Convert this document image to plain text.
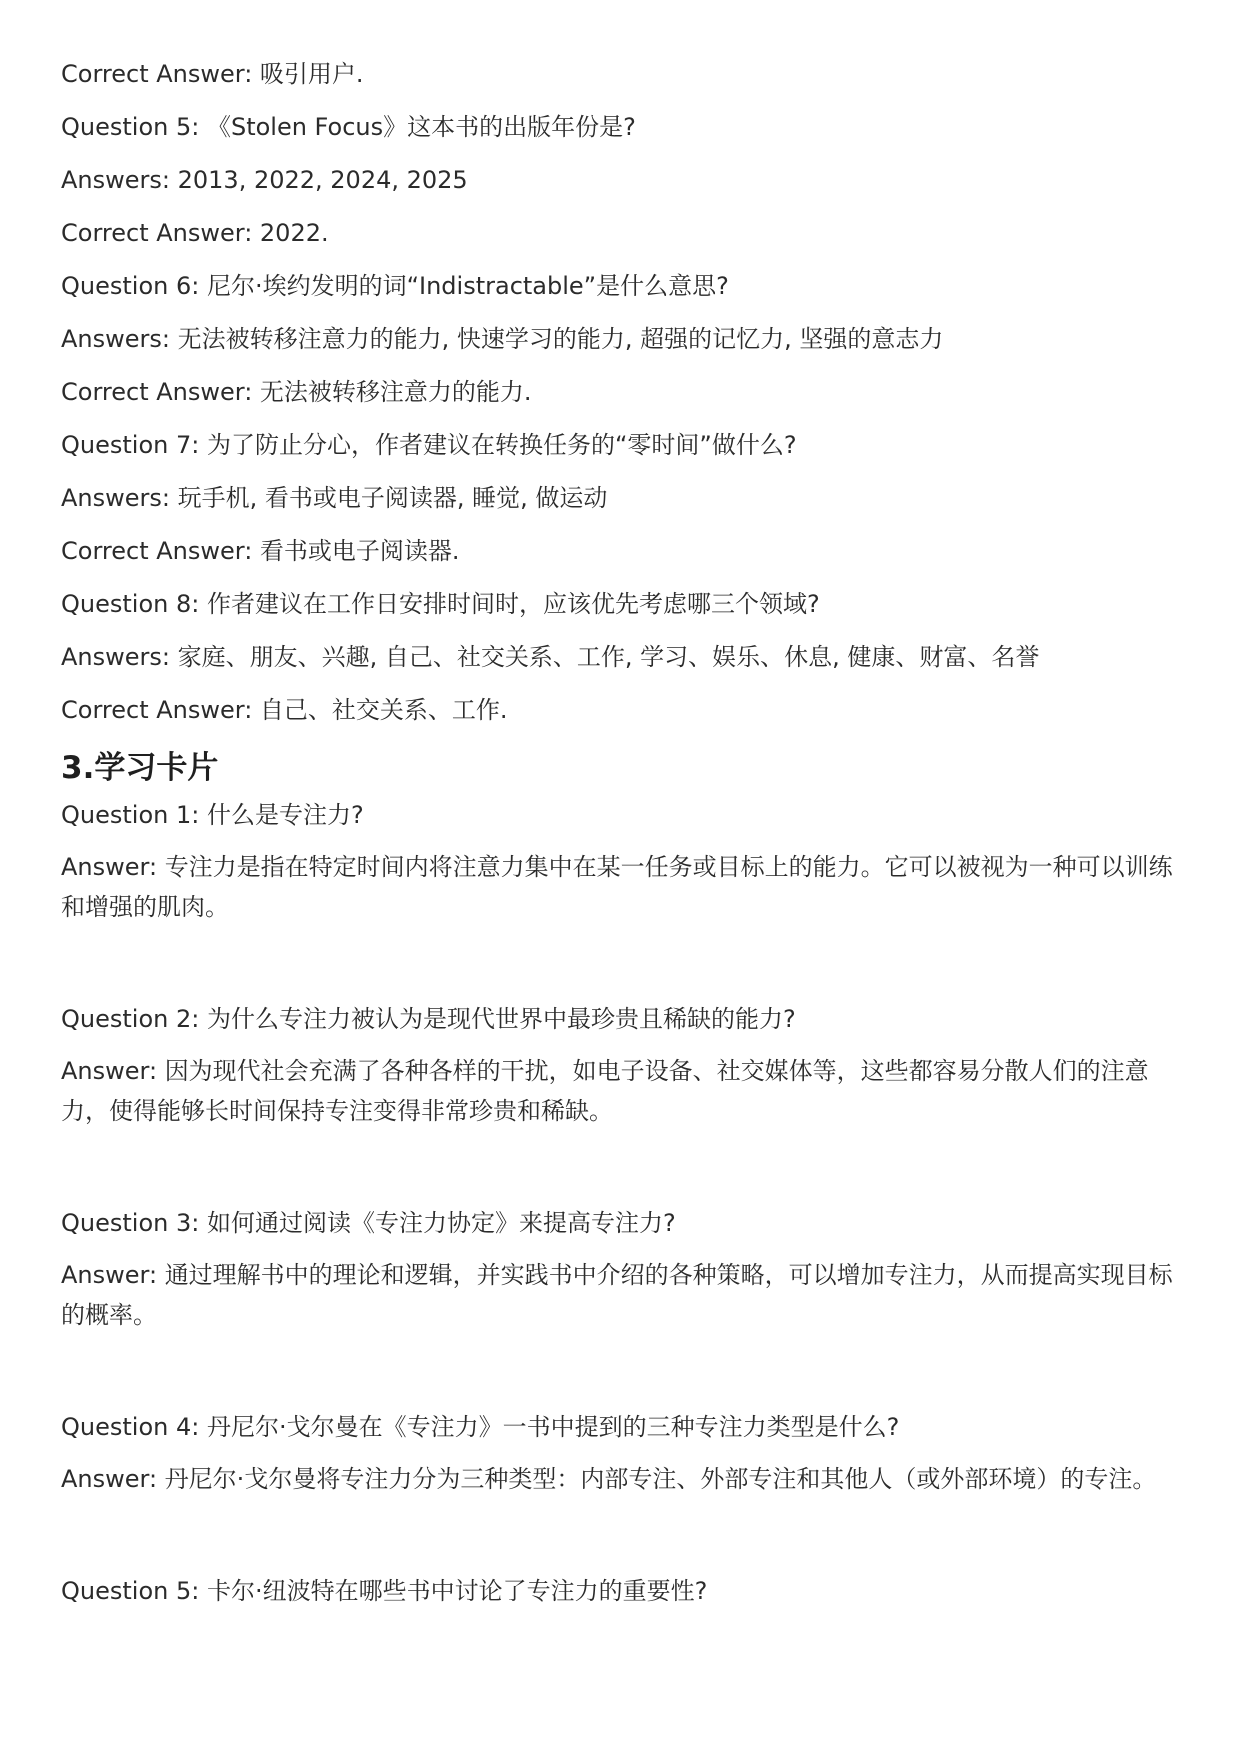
Correct Answer: 吸引用户.

Question 5: 《Stolen Focus》这本书的出版年份是?

Answers: 2013, 2022, 2024, 2025

Correct Answer: 2022.

Question 6: 尼尔·埃约发明的词“Indistractable”是什么意思?

Answers: 无法被转移注意力的能力, 快速学习的能力, 超强的记忆力, 坚强的意志力

Correct Answer: 无法被转移注意力的能力.

Question 7: 为了防止分心，作者建议在转换任务的“零时间”做什么?

Answers: 玩手机, 看书或电子阅读器, 睡觉, 做运动

Correct Answer: 看书或电子阅读器.

Question 8: 作者建议在工作日安排时间时，应该优先考虑哪三个领域?

Answers: 家庭、朋友、兴趣, 自己、社交关系、工作, 学习、娱乐、休息, 健康、财富、名誉

Correct Answer: 自己、社交关系、工作.

3.学习卡片

Question 1: 什么是专注力?

Answer: 专注力是指在特定时间内将注意力集中在某一任务或目标上的能力。它可以被视为一种可以训练和增强的肌肉。

Question 2: 为什么专注力被认为是现代世界中最珍贵且稀缺的能力?

Answer: 因为现代社会充满了各种各样的干扰，如电子设备、社交媒体等，这些都容易分散人们的注意力，使得能够长时间保持专注变得非常珍贵和稀缺。

Question 3: 如何通过阅读《专注力协定》来提高专注力?

Answer: 通过理解书中的理论和逻辑，并实践书中介绍的各种策略，可以增加专注力，从而提高实现目标的概率。

Question 4: 丹尼尔·戈尔曼在《专注力》一书中提到的三种专注力类型是什么?

Answer: 丹尼尔·戈尔曼将专注力分为三种类型：内部专注、外部专注和其他人（或外部环境）的专注。

Question 5: 卡尔·纽波特在哪些书中讨论了专注力的重要性?
